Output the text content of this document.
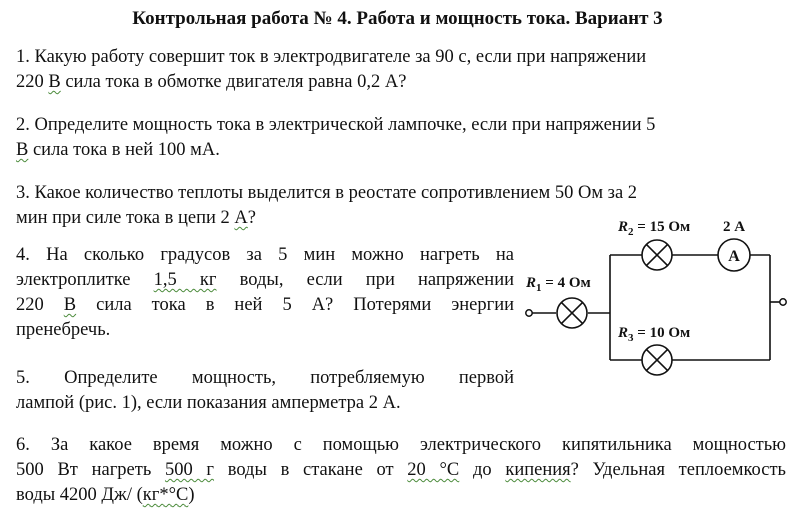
Контрольная работа № 4. Работа и мощность тока. Вариант 3
1. Какую работу совершит ток в электродвигателе за 90 с, если при напряжении
220 В сила тока в обмотке двигателя равна 0,2 А?
2. Определите мощность тока в электрической лампочке, если при напряжении 5
В сила тока в ней 100 мА.
3. Какое количество теплоты выделится в реостате сопротивлением 50 Ом за 2
мин при силе тока в цепи 2 А?
4. На сколько градусов за 5 мин можно нагреть на
электроплитке 1,5 кг воды, если при напряжении
220 В сила тока в ней 5 А? Потерями энергии
пренебречь.
5. Определите мощность, потребляемую первой
лампой (рис. 1), если показания амперметра 2 А.
6. За какое время можно с помощью электрического кипятильника мощностью
500 Вт нагреть 500 г воды в стакане от 20 °С до кипения? Удельная теплоемкость
воды 4200 Дж/ (кг*°С)
A
$R_2 = 15$ Ом 2 А
$R_1 = 4$ Ом
$R_3 = 10$ Ом
